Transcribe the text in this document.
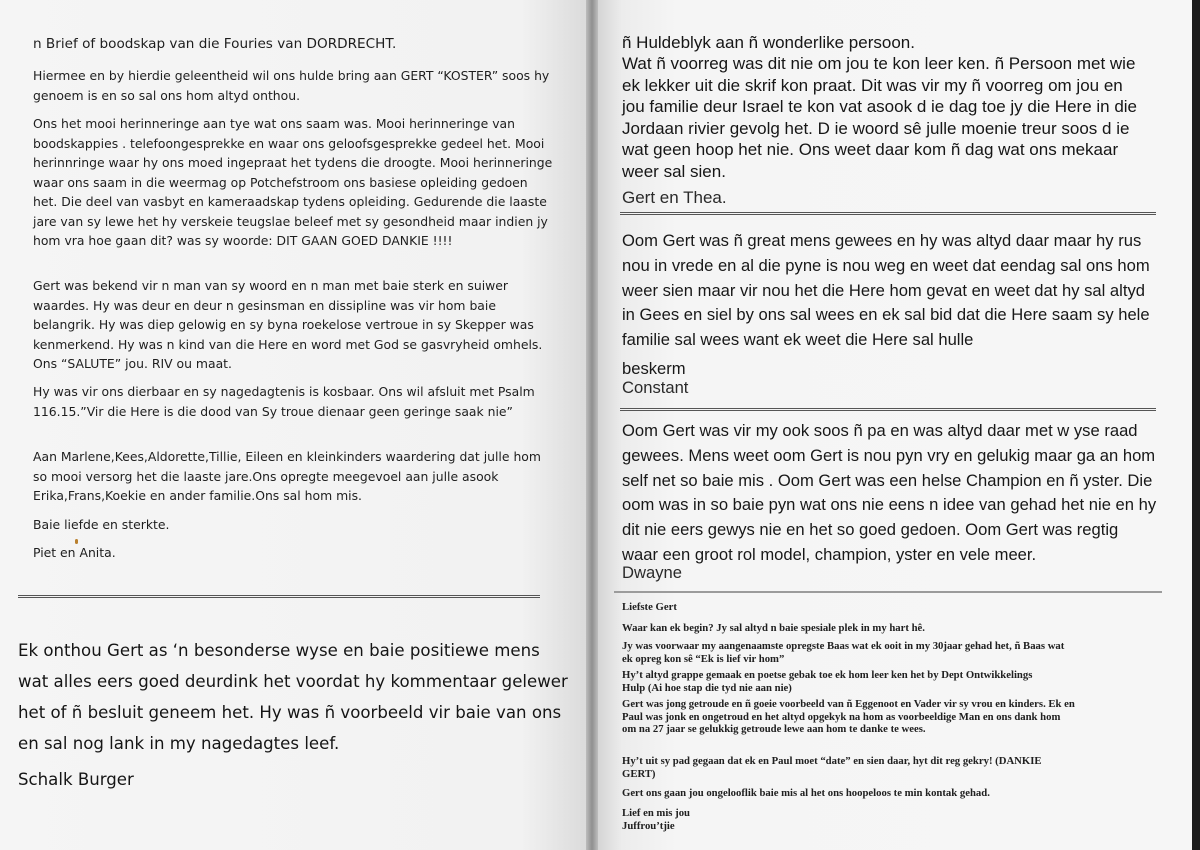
n Brief of boodskap van die Fouries van DORDRECHT.

Hiermee en by hierdie geleentheid wil ons hulde bring aan GERT “KOSTER” soos hy genoem is en so sal ons hom altyd onthou.

Ons het mooi herinneringe aan tye wat ons saam was. Mooi herinneringe van boodskappies . telefoongesprekke en waar ons geloofsgesprekke gedeel het. Mooi herinnringe waar hy ons moed ingepraat het tydens die droogte. Mooi herinneringe waar ons saam in die weermag op Potchefstroom ons basiese opleiding gedoen het. Die deel van vasbyt en kameraadskap tydens opleiding. Gedurende die laaste jare van sy lewe het hy verskeie teugslae beleef met sy gesondheid maar indien jy hom vra hoe gaan dit? was sy woorde: DIT GAAN GOED DANKIE !!!!

Gert was bekend vir n man van sy woord en n man met baie sterk en suiwer waardes. Hy was deur en deur n gesinsman en dissipline was vir hom baie belangrik. Hy was diep gelowig en sy byna roekelose vertroue in sy Skepper was kenmerkend. Hy was n kind van die Here en word met God se gasvryheid omhels. Ons “SALUTE” jou. RIV ou maat.

Hy was vir ons dierbaar en sy nagedagtenis is kosbaar. Ons wil afsluit met Psalm 116.15.”Vir die Here is die dood van Sy troue dienaar geen geringe saak nie”

Aan Marlene,Kees,Aldorette,Tillie, Eileen en kleinkinders waardering dat julle hom so mooi versorg het die laaste jare.Ons opregte meegevoel aan julle asook Erika,Frans,Koekie en ander familie.Ons sal hom mis.

Baie liefde en sterkte.

Piet en Anita.

Ek onthou Gert as ‘n besonderse wyse en baie positiewe mens wat alles eers goed deurdink het voordat hy kommentaar gelewer het of ñ besluit geneem het. Hy was ñ voorbeeld vir baie van ons en sal nog lank in my nagedagtes leef.

Schalk Burger

ñ Huldeblyk aan ñ wonderlike persoon.

Wat ñ voorreg was dit nie om jou te kon leer ken. ñ Persoon met wie ek lekker uit die skrif kon praat. Dit was vir my ñ voorreg om jou en jou familie deur Israel te kon vat asook d ie dag toe jy die Here in die Jordaan rivier gevolg het. D ie woord sê julle moenie treur soos d ie wat geen hoop het nie. Ons weet daar kom ñ dag wat ons mekaar weer sal sien.

Gert en Thea.

Oom Gert was ñ great mens gewees en hy was altyd daar maar hy rus nou in vrede en al die pyne is nou weg en weet dat eendag sal ons hom weer sien maar vir nou het die Here hom gevat en weet dat hy sal altyd in Gees en siel by ons sal wees en ek sal bid dat die Here saam sy hele familie sal wees want ek weet die Here sal hulle

beskerm

Constant

Oom Gert was vir my ook soos ñ pa en was altyd daar met w yse raad gewees. Mens weet oom Gert is nou pyn vry en gelukig maar ga an hom self net so baie mis . Oom Gert was een helse Champion en ñ yster. Die oom was in so baie pyn wat ons nie eens n idee van gehad het nie en hy dit nie eers gewys nie en het so goed gedoen. Oom Gert was regtig waar een groot rol model, champion, yster en vele meer.

Dwayne

Liefste Gert

Waar kan ek begin? Jy sal altyd n baie spesiale plek in my hart hê.

Jy was voorwaar my aangenaamste opregste Baas wat ek ooit in my 30jaar gehad het, ñ Baas wat ek opreg kon sê “Ek is lief vir hom”

Hy’t altyd grappe gemaak en poetse gebak toe ek hom leer ken het by Dept Ontwikkelings Hulp (Ai hoe stap die tyd nie aan nie)

Gert was jong getroude en ñ goeie voorbeeld van ñ Eggenoot en Vader vir sy vrou en kinders. Ek en Paul was jonk en ongetroud en het altyd opgekyk na hom as voorbeeldige Man en ons dank hom om na 27 jaar se gelukkig getroude lewe aan hom te danke te wees.

Hy’t uit sy pad gegaan dat ek en Paul moet “date” en sien daar, hyt dit reg gekry! (DANKIE GERT)

Gert ons gaan jou ongelooflik baie mis al het ons hoopeloos te min kontak gehad.

Lief en mis jou

Juffrou’tjie
